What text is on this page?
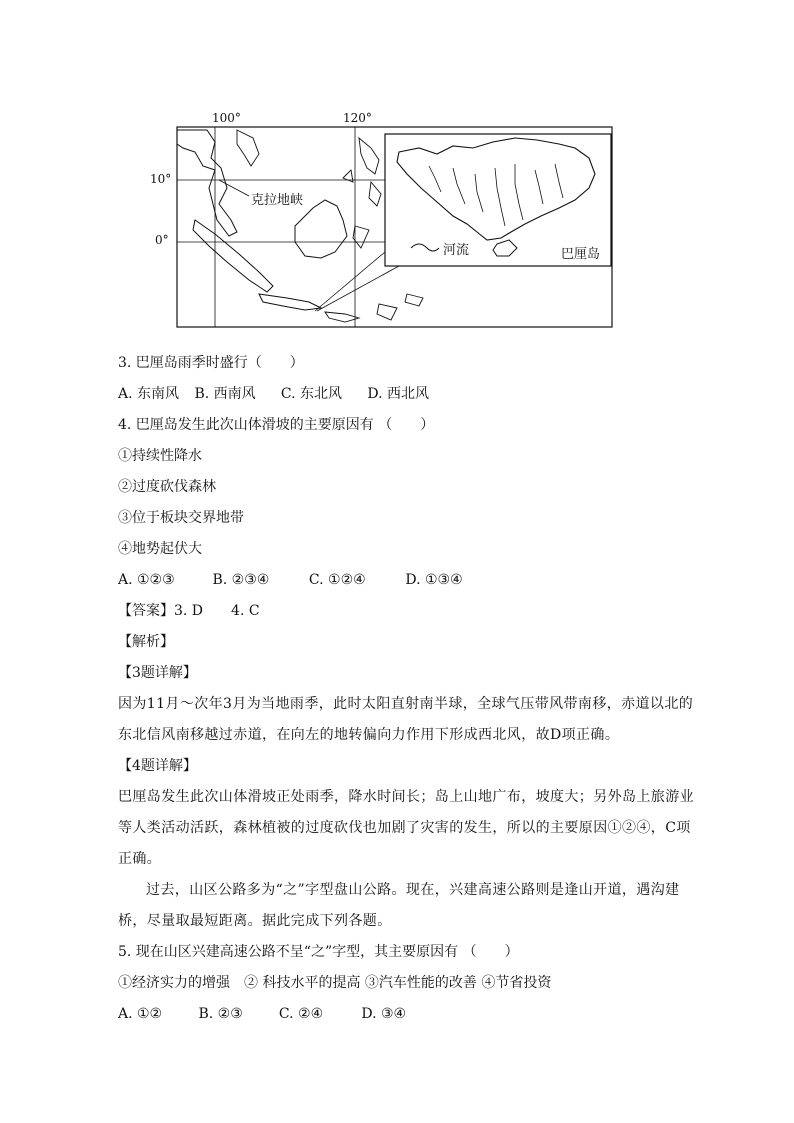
100°	120°
克拉地峡
河流	巴厘岛
10°
0°
3. 巴厘岛雨季时盛行（　　）
A. 东南风 B. 西南风 C. 东北风 D. 西北风
4. 巴厘岛发生此次山体滑坡的主要原因有 （　　）
①持续性降水
②过度砍伐森林
③位于板块交界地带
④地势起伏大
A. ①②③	B. ②③④	C. ①②④	D. ①③④
【答案】3. D　　4. C
【解析】
【3题详解】
因为11月～次年3月为当地雨季，此时太阳直射南半球，全球气压带风带南移，赤道以北的东北信风南移越过赤道，在向左的地转偏向力作用下形成西北风，故D项正确。
【4题详解】
巴厘岛发生此次山体滑坡正处雨季，降水时间长；岛上山地广布，坡度大；另外岛上旅游业等人类活动活跃，森林植被的过度砍伐也加剧了灾害的发生，所以的主要原因①②④，C项正确。
过去，山区公路多为“之”字型盘山公路。现在，兴建高速公路则是逢山开道，遇沟建桥，尽量取最短距离。据此完成下列各题。
5. 现在山区兴建高速公路不呈“之”字型，其主要原因有 （　　）
①经济实力的增强　② 科技水平的提高 ③汽车性能的改善 ④节省投资
A. ①②	B. ②③	C. ②④	D. ③④
